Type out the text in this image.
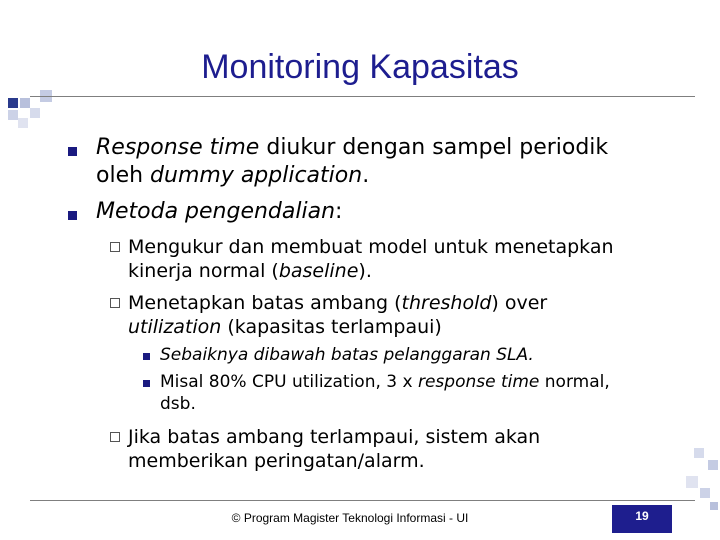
Monitoring Kapasitas
Response time diukur dengan sampel periodik
oleh dummy application.
Metoda pengendalian:
Mengukur dan membuat model untuk menetapkan
kinerja normal (baseline).
Menetapkan batas ambang (threshold) over
utilization (kapasitas terlampaui)
Sebaiknya dibawah batas pelanggaran SLA.
Misal 80% CPU utilization, 3 x response time normal,
dsb.
Jika batas ambang terlampaui, sistem akan
memberikan peringatan/alarm.
© Program Magister Teknologi Informasi - UI	19
